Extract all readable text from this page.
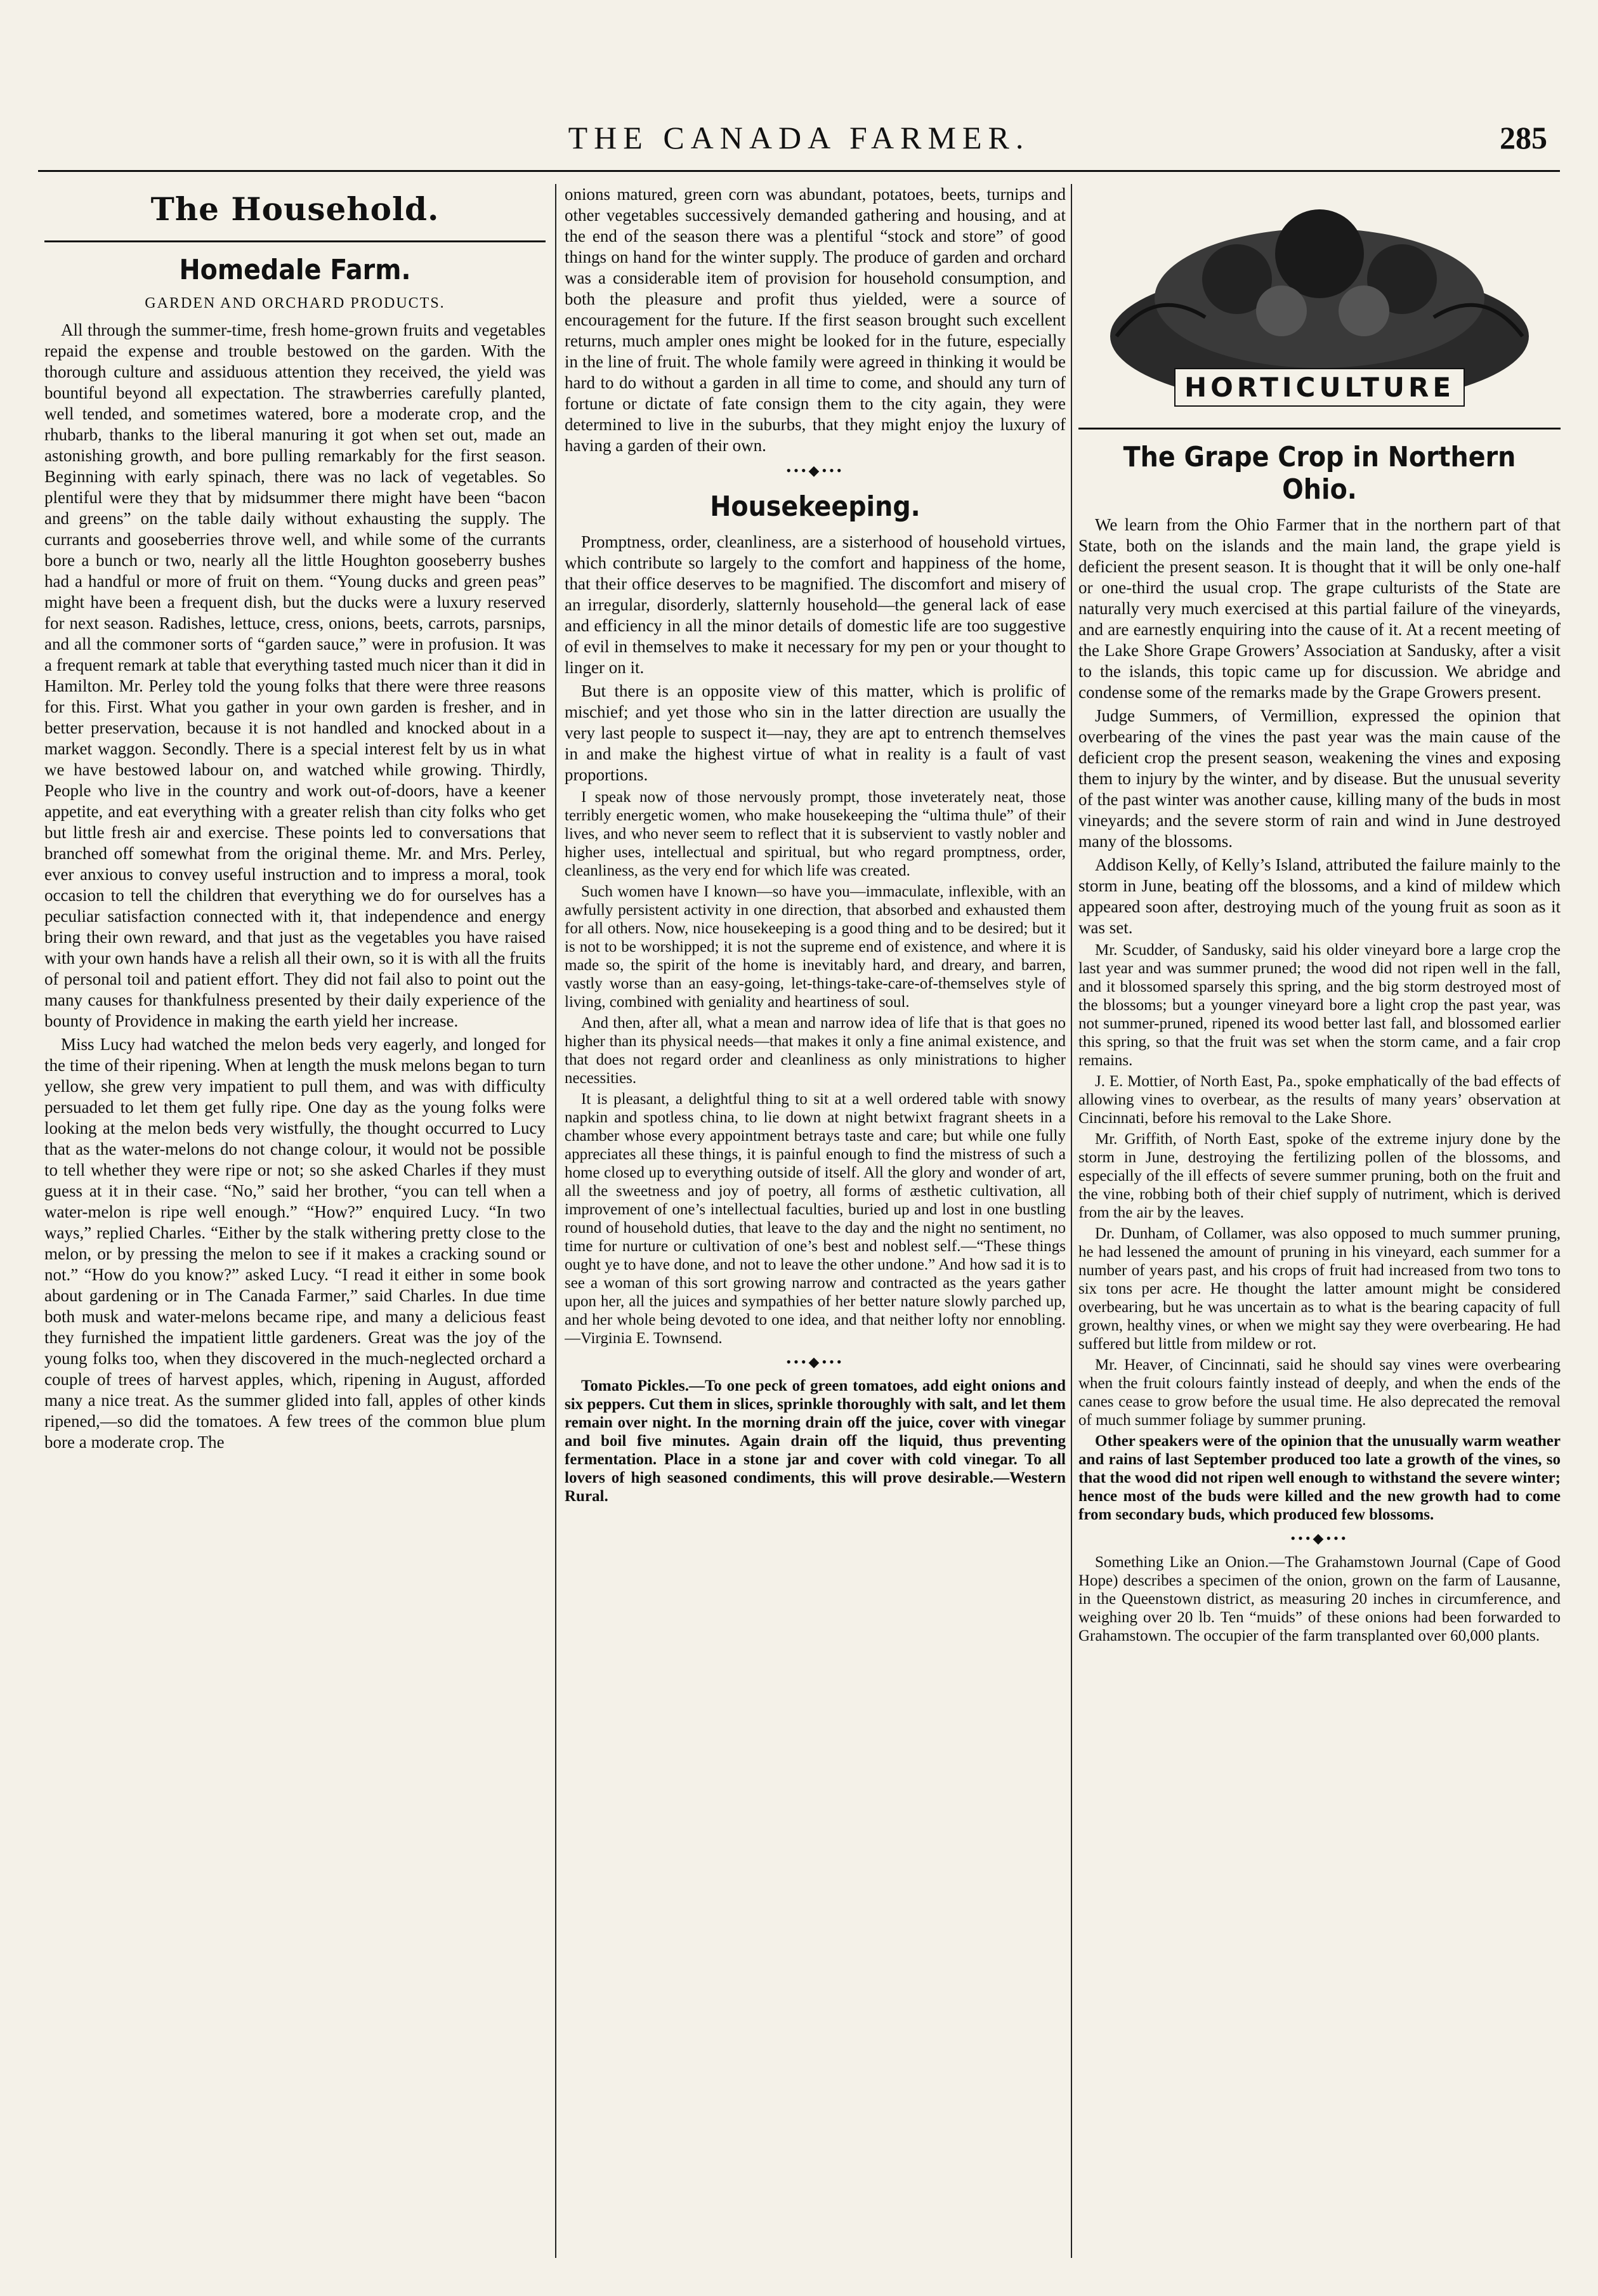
THE CANADA FARMER.	285
The Household.
Homedale Farm.
GARDEN AND ORCHARD PRODUCTS.

All through the summer-time, fresh home-grown fruits and vegetables repaid the expense and trouble bestowed on the garden. With the thorough culture and assiduous attention they received, the yield was bountiful beyond all expectation. The strawberries carefully planted, well tended, and sometimes watered, bore a moderate crop, and the rhubarb, thanks to the liberal manuring it got when set out, made an astonishing growth, and bore pulling remarkably for the first season. Beginning with early spinach, there was no lack of vegetables. So plentiful were they that by midsummer there might have been “bacon and greens” on the table daily without exhausting the supply. The currants and gooseberries throve well, and while some of the currants bore a bunch or two, nearly all the little Houghton gooseberry bushes had a handful or more of fruit on them. “Young ducks and green peas” might have been a frequent dish, but the ducks were a luxury reserved for next season. Radishes, lettuce, cress, onions, beets, carrots, parsnips, and all the commoner sorts of “garden sauce,” were in profusion. It was a frequent remark at table that everything tasted much nicer than it did in Hamilton. Mr. Perley told the young folks that there were three reasons for this. First. What you gather in your own garden is fresher, and in better preservation, because it is not handled and knocked about in a market waggon. Secondly. There is a special interest felt by us in what we have bestowed labour on, and watched while growing. Thirdly, People who live in the country and work out-of-doors, have a keener appetite, and eat everything with a greater relish than city folks who get but little fresh air and exercise. These points led to conversations that branched off somewhat from the original theme. Mr. and Mrs. Perley, ever anxious to convey useful instruction and to impress a moral, took occasion to tell the children that everything we do for ourselves has a peculiar satisfaction connected with it, that independence and energy bring their own reward, and that just as the vegetables you have raised with your own hands have a relish all their own, so it is with all the fruits of personal toil and patient effort. They did not fail also to point out the many causes for thankfulness presented by their daily experience of the bounty of Providence in making the earth yield her increase.

Miss Lucy had watched the melon beds very eagerly, and longed for the time of their ripening. When at length the musk melons began to turn yellow, she grew very impatient to pull them, and was with difficulty persuaded to let them get fully ripe. One day as the young folks were looking at the melon beds very wistfully, the thought occurred to Lucy that as the water-melons do not change colour, it would not be possible to tell whether they were ripe or not; so she asked Charles if they must guess at it in their case. “No,” said her brother, “you can tell when a water-melon is ripe well enough.” “How?” enquired Lucy. “In two ways,” replied Charles. “Either by the stalk withering pretty close to the melon, or by pressing the melon to see if it makes a cracking sound or not.” “How do you know?” asked Lucy. “I read it either in some book about gardening or in The Canada Farmer,” said Charles. In due time both musk and water-melons became ripe, and many a delicious feast they furnished the impatient little gardeners. Great was the joy of the young folks too, when they discovered in the much-neglected orchard a couple of trees of harvest apples, which, ripening in August, afforded many a nice treat. As the summer glided into fall, apples of other kinds ripened,—so did the tomatoes. A few trees of the common blue plum bore a moderate crop. The

onions matured, green corn was abundant, potatoes, beets, turnips and other vegetables successively demanded gathering and housing, and at the end of the season there was a plentiful “stock and store” of good things on hand for the winter supply. The produce of garden and orchard was a considerable item of provision for household consumption, and both the pleasure and profit thus yielded, were a source of encouragement for the future. If the first season brought such excellent returns, much ampler ones might be looked for in the future, especially in the line of fruit. The whole family were agreed in thinking it would be hard to do without a garden in all time to come, and should any turn of fortune or dictate of fate consign them to the city again, they were determined to live in the suburbs, that they might enjoy the luxury of having a garden of their own.

•••◆•••
Housekeeping.

Promptness, order, cleanliness, are a sisterhood of household virtues, which contribute so largely to the comfort and happiness of the home, that their office deserves to be magnified. The discomfort and misery of an irregular, disorderly, slatternly household—the general lack of ease and efficiency in all the minor details of domestic life are too suggestive of evil in themselves to make it necessary for my pen or your thought to linger on it.

But there is an opposite view of this matter, which is prolific of mischief; and yet those who sin in the latter direction are usually the very last people to suspect it—nay, they are apt to entrench themselves in and make the highest virtue of what in reality is a fault of vast proportions.

I speak now of those nervously prompt, those inveterately neat, those terribly energetic women, who make housekeeping the “ultima thule” of their lives, and who never seem to reflect that it is subservient to vastly nobler and higher uses, intellectual and spiritual, but who regard promptness, order, cleanliness, as the very end for which life was created.

Such women have I known—so have you—immaculate, inflexible, with an awfully persistent activity in one direction, that absorbed and exhausted them for all others. Now, nice housekeeping is a good thing and to be desired; but it is not to be worshipped; it is not the supreme end of existence, and where it is made so, the spirit of the home is inevitably hard, and dreary, and barren, vastly worse than an easy-going, let-things-take-care-of-themselves style of living, combined with geniality and heartiness of soul.

And then, after all, what a mean and narrow idea of life that is that goes no higher than its physical needs—that makes it only a fine animal existence, and that does not regard order and cleanliness as only ministrations to higher necessities.

It is pleasant, a delightful thing to sit at a well ordered table with snowy napkin and spotless china, to lie down at night betwixt fragrant sheets in a chamber whose every appointment betrays taste and care; but while one fully appreciates all these things, it is painful enough to find the mistress of such a home closed up to everything outside of itself. All the glory and wonder of art, all the sweetness and joy of poetry, all forms of æsthetic cultivation, all improvement of one’s intellectual faculties, buried up and lost in one bustling round of household duties, that leave to the day and the night no sentiment, no time for nurture or cultivation of one’s best and noblest self.—“These things ought ye to have done, and not to leave the other undone.” And how sad it is to see a woman of this sort growing narrow and contracted as the years gather upon her, all the juices and sympathies of her better nature slowly parched up, and her whole being devoted to one idea, and that neither lofty nor ennobling.—Virginia E. Townsend.

•••◆•••

Tomato Pickles.—To one peck of green tomatoes, add eight onions and six peppers. Cut them in slices, sprinkle thoroughly with salt, and let them remain over night. In the morning drain off the juice, cover with vinegar and boil five minutes. Again drain off the liquid, thus preventing fermentation. Place in a stone jar and cover with cold vinegar. To all lovers of high seasoned condiments, this will prove desirable.—Western Rural.

HORTICULTURE
The Grape Crop in Northern Ohio.

We learn from the Ohio Farmer that in the northern part of that State, both on the islands and the main land, the grape yield is deficient the present season. It is thought that it will be only one-half or one-third the usual crop. The grape culturists of the State are naturally very much exercised at this partial failure of the vineyards, and are earnestly enquiring into the cause of it. At a recent meeting of the Lake Shore Grape Growers’ Association at Sandusky, after a visit to the islands, this topic came up for discussion. We abridge and condense some of the remarks made by the Grape Growers present.

Judge Summers, of Vermillion, expressed the opinion that overbearing of the vines the past year was the main cause of the deficient crop the present season, weakening the vines and exposing them to injury by the winter, and by disease. But the unusual severity of the past winter was another cause, killing many of the buds in most vineyards; and the severe storm of rain and wind in June destroyed many of the blossoms.

Addison Kelly, of Kelly’s Island, attributed the failure mainly to the storm in June, beating off the blossoms, and a kind of mildew which appeared soon after, destroying much of the young fruit as soon as it was set.

Mr. Scudder, of Sandusky, said his older vineyard bore a large crop the last year and was summer pruned; the wood did not ripen well in the fall, and it blossomed sparsely this spring, and the big storm destroyed most of the blossoms; but a younger vineyard bore a light crop the past year, was not summer-pruned, ripened its wood better last fall, and blossomed earlier this spring, so that the fruit was set when the storm came, and a fair crop remains.

J. E. Mottier, of North East, Pa., spoke emphatically of the bad effects of allowing vines to overbear, as the results of many years’ observation at Cincinnati, before his removal to the Lake Shore.

Mr. Griffith, of North East, spoke of the extreme injury done by the storm in June, destroying the fertilizing pollen of the blossoms, and especially of the ill effects of severe summer pruning, both on the fruit and the vine, robbing both of their chief supply of nutriment, which is derived from the air by the leaves.

Dr. Dunham, of Collamer, was also opposed to much summer pruning, he had lessened the amount of pruning in his vineyard, each summer for a number of years past, and his crops of fruit had increased from two tons to six tons per acre. He thought the latter amount might be considered overbearing, but he was uncertain as to what is the bearing capacity of full grown, healthy vines, or when we might say they were overbearing. He had suffered but little from mildew or rot.

Mr. Heaver, of Cincinnati, said he should say vines were overbearing when the fruit colours faintly instead of deeply, and when the ends of the canes cease to grow before the usual time. He also deprecated the removal of much summer foliage by summer pruning.

Other speakers were of the opinion that the unusually warm weather and rains of last September produced too late a growth of the vines, so that the wood did not ripen well enough to withstand the severe winter; hence most of the buds were killed and the new growth had to come from secondary buds, which produced few blossoms.

•••◆•••

Something Like an Onion.—The Grahamstown Journal (Cape of Good Hope) describes a specimen of the onion, grown on the farm of Lausanne, in the Queenstown district, as measuring 20 inches in circumference, and weighing over 20 lb. Ten “muids” of these onions had been forwarded to Grahamstown. The occupier of the farm transplanted over 60,000 plants.
